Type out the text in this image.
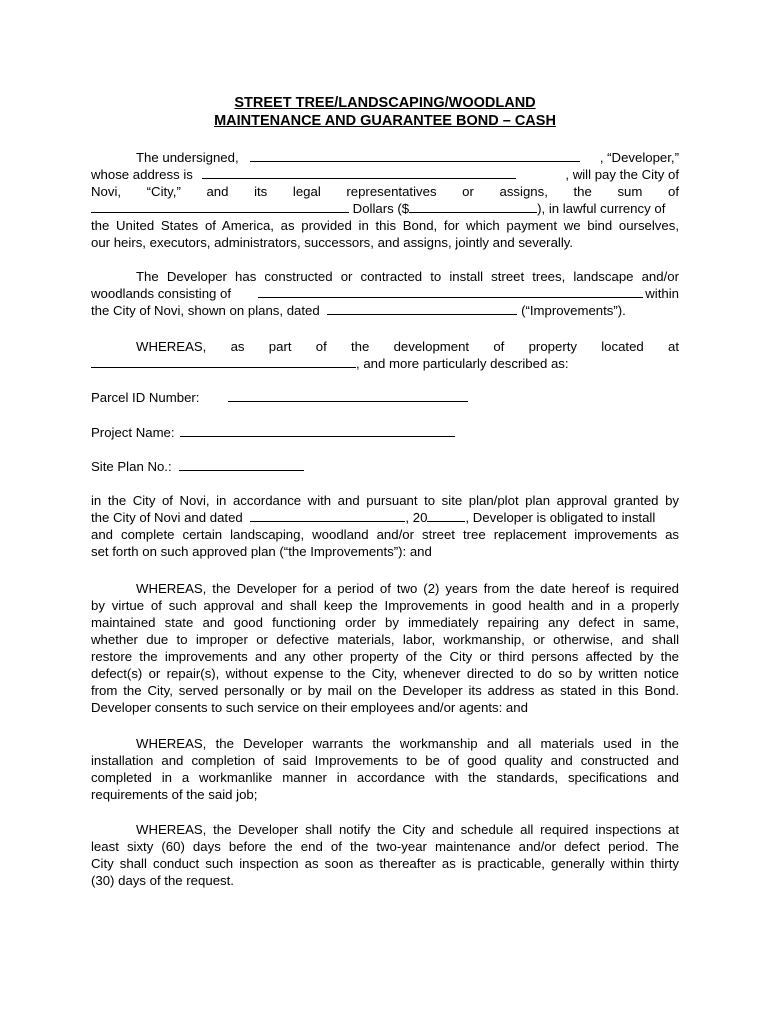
STREET TREE/LANDSCAPING/WOODLAND
MAINTENANCE AND GUARANTEE BOND – CASH
The undersigned,	, “Developer,”
whose address is	, will pay the City of
Novi, “City,” and its legal representatives or assigns, the sum of
Dollars ($	), in lawful currency of
the United States of America, as provided in this Bond, for which payment we bind ourselves,
our heirs, executors, administrators, successors, and assigns, jointly and severally.
The Developer has constructed or contracted to install street trees, landscape and/or
woodlands consisting of	within
the City of Novi, shown on plans, dated	(“Improvements”).
WHEREAS, as part of the development of property located at
, and more particularly described as:
Parcel ID Number:
Project Name:
Site Plan No.:
in the City of Novi, in accordance with and pursuant to site plan/plot plan approval granted by
the City of Novi and dated	, 20	, Developer is obligated to install
and complete certain landscaping, woodland and/or street tree replacement improvements as
set forth on such approved plan (“the Improvements”): and
WHEREAS, the Developer for a period of two (2) years from the date hereof is required
by virtue of such approval and shall keep the Improvements in good health and in a properly
maintained state and good functioning order by immediately repairing any defect in same,
whether due to improper or defective materials, labor, workmanship, or otherwise, and shall
restore the improvements and any other property of the City or third persons affected by the
defect(s) or repair(s), without expense to the City, whenever directed to do so by written notice
from the City, served personally or by mail on the Developer its address as stated in this Bond.
Developer consents to such service on their employees and/or agents: and
WHEREAS, the Developer warrants the workmanship and all materials used in the
installation and completion of said Improvements to be of good quality and constructed and
completed in a workmanlike manner in accordance with the standards, specifications and
requirements of the said job;
WHEREAS, the Developer shall notify the City and schedule all required inspections at
least sixty (60) days before the end of the two-year maintenance and/or defect period. The
City shall conduct such inspection as soon as thereafter as is practicable, generally within thirty
(30) days of the request.
